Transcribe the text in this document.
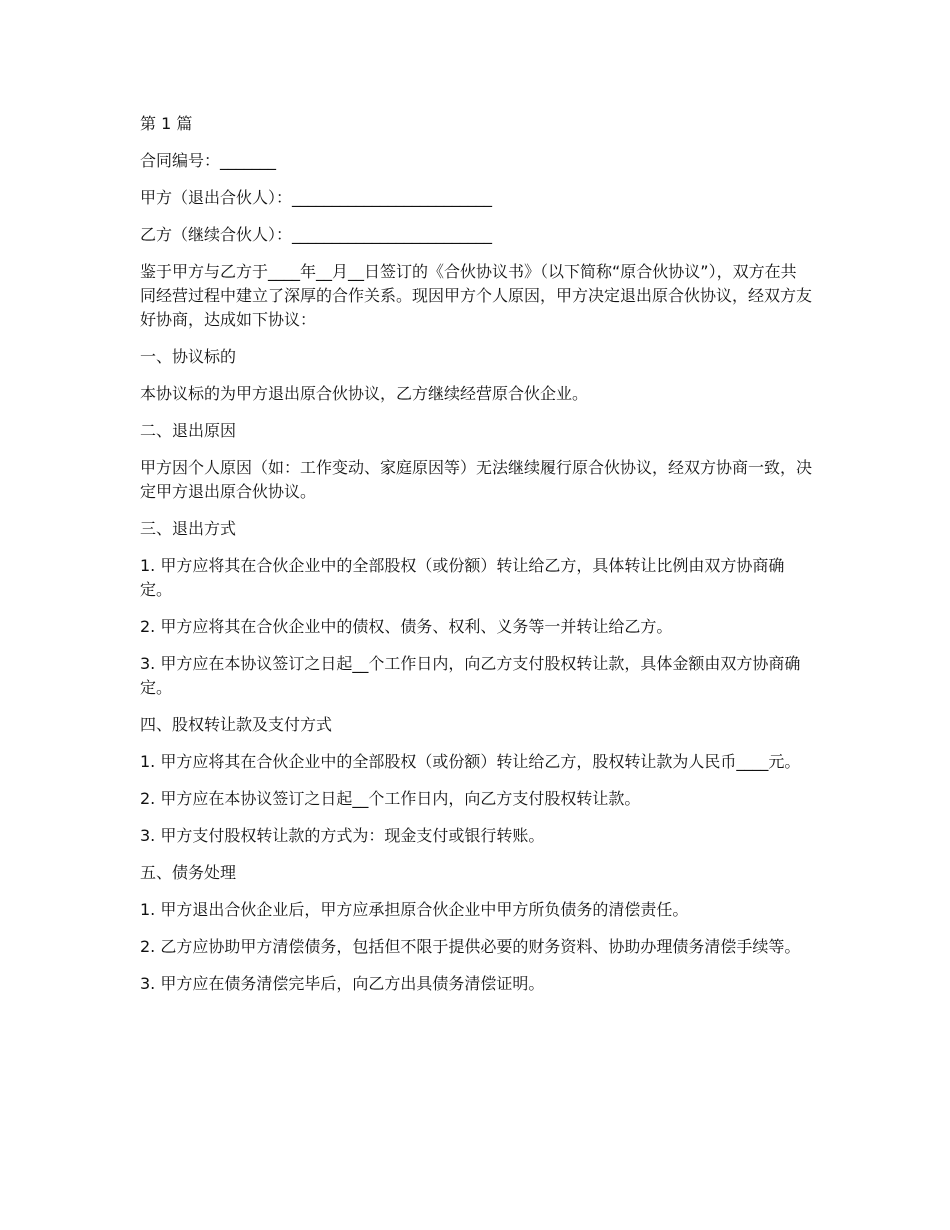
第 1 篇

合同编号：_______

甲方（退出合伙人）：_________________________

乙方（继续合伙人）：_________________________

鉴于甲方与乙方于____年__月__日签订的《合伙协议书》（以下简称“原合伙协议”），双方在共同经营过程中建立了深厚的合作关系。现因甲方个人原因，甲方决定退出原合伙协议，经双方友好协商，达成如下协议：

一、协议标的

本协议标的为甲方退出原合伙协议，乙方继续经营原合伙企业。

二、退出原因

甲方因个人原因（如：工作变动、家庭原因等）无法继续履行原合伙协议，经双方协商一致，决定甲方退出原合伙协议。

三、退出方式

1. 甲方应将其在合伙企业中的全部股权（或份额）转让给乙方，具体转让比例由双方协商确定。

2. 甲方应将其在合伙企业中的债权、债务、权利、义务等一并转让给乙方。

3. 甲方应在本协议签订之日起__个工作日内，向乙方支付股权转让款，具体金额由双方协商确定。

四、股权转让款及支付方式

1. 甲方应将其在合伙企业中的全部股权（或份额）转让给乙方，股权转让款为人民币____元。

2. 甲方应在本协议签订之日起__个工作日内，向乙方支付股权转让款。

3. 甲方支付股权转让款的方式为：现金支付或银行转账。

五、债务处理

1. 甲方退出合伙企业后，甲方应承担原合伙企业中甲方所负债务的清偿责任。

2. 乙方应协助甲方清偿债务，包括但不限于提供必要的财务资料、协助办理债务清偿手续等。

3. 甲方应在债务清偿完毕后，向乙方出具债务清偿证明。
